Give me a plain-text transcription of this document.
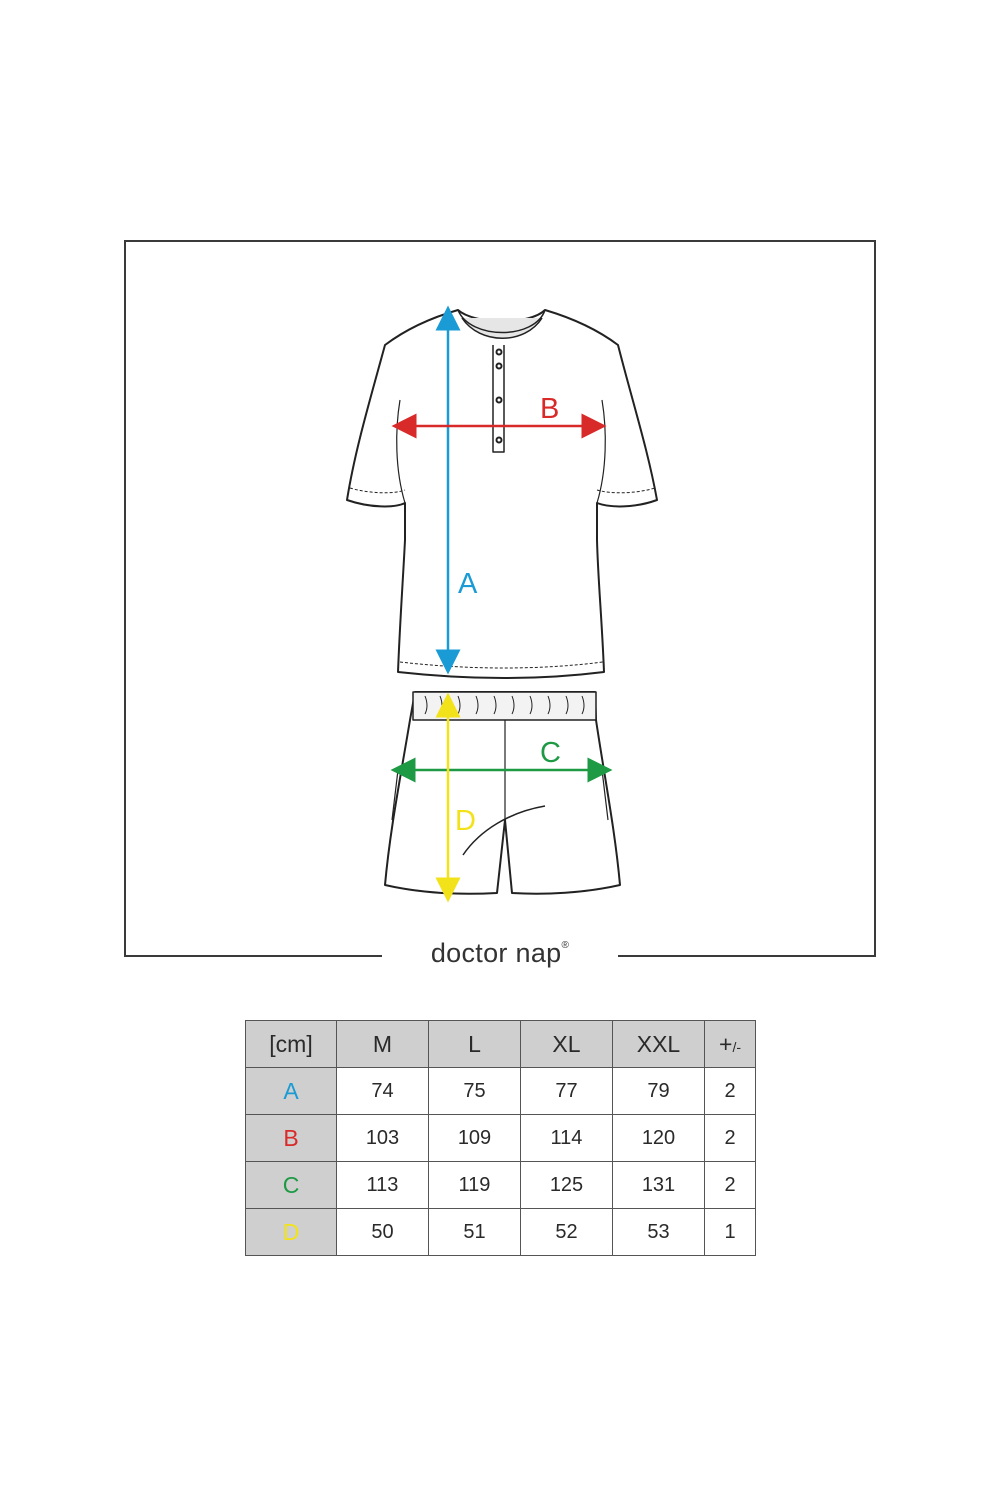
doctor nap®
A
B
C
D
[cm]	M	L	XL	XXL	+/-
A	74	75	77	79	2
B	103	109	114	120	2
C	113	119	125	131	2
D	50	51	52	53	1
